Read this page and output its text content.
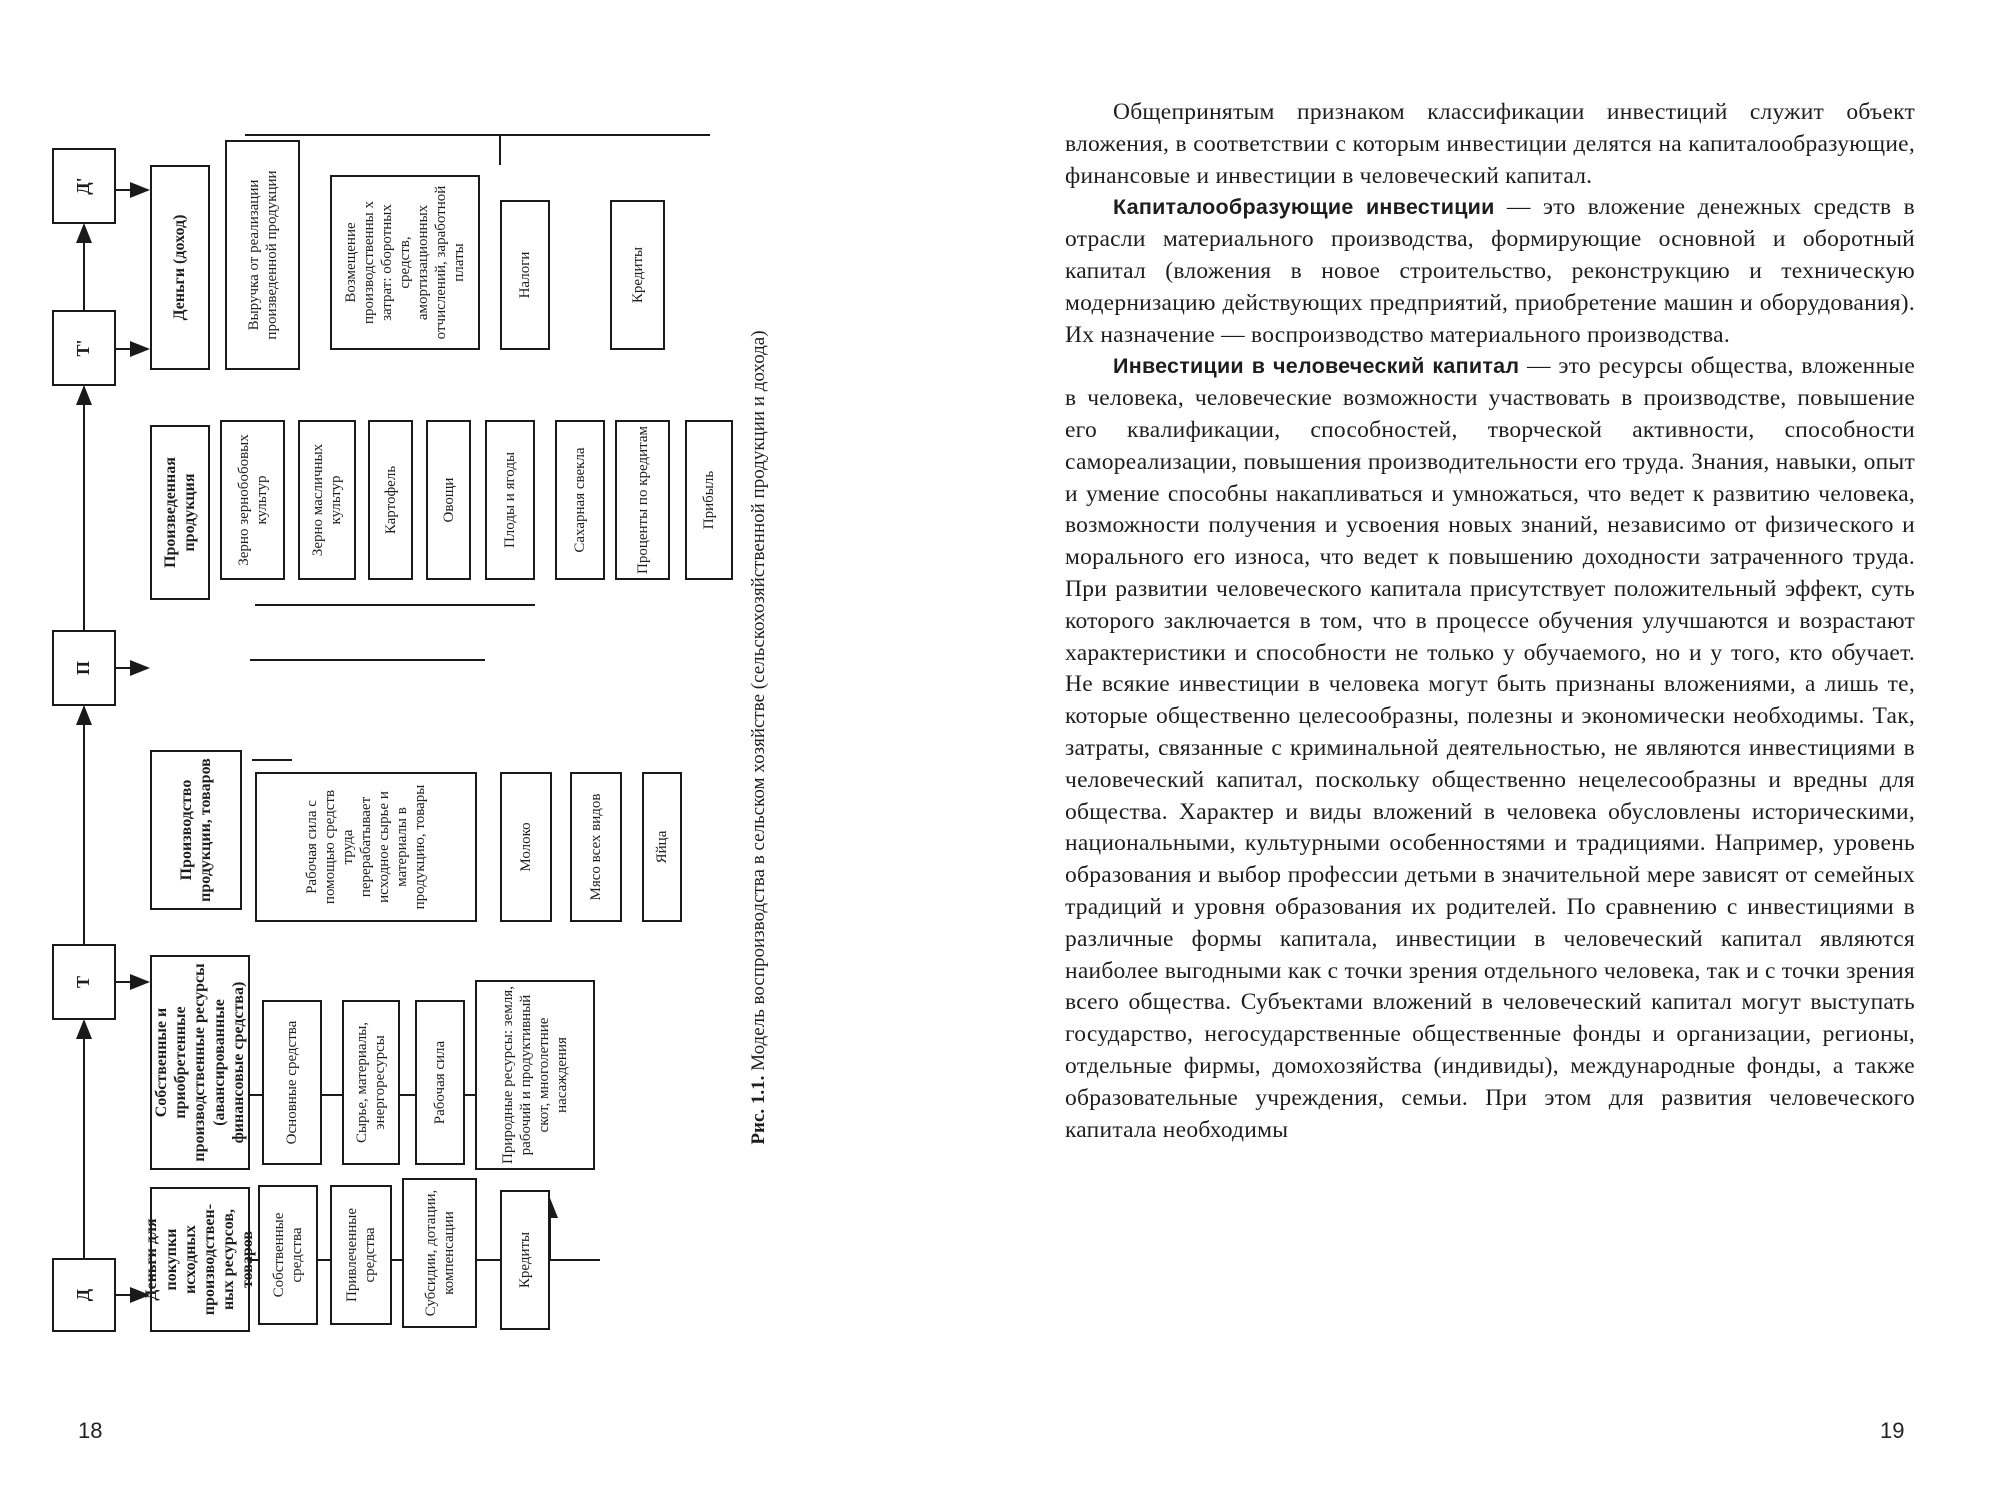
Д
Т
П
Т'
Д'
Деньги для покупки исходных производствен-ных ресурсов, товаров Собственные средства	Привлеченные средства	Субсидии, дотации, компенсации	Кредиты
Собственные и приобретенные производственные ресурсы (авансированные финансовые средства) Основные средства	Сырье, материалы, энергоресурсы	Рабочая сила	Природные ресурсы: земля, рабочий и продуктивный скот, многолетние насаждения
Производство продукции, товаров	Рабочая сила с помощью средств труда перерабатывает исходное сырье и материалы в продукцию, товары	Молоко	Мясо всех видов	Яйца
Произведенная продукция	Зерно зернобобовых культур	Зерно масличных культур	Картофель	Овощи	Плоды и ягоды	Сахарная свекла	Проценты по кредитам	Прибыль
Деньги (доход)	Выручка от реализации произведенной продукции	Возмещение производственны х затрат: оборотных средств, амортизационных отчислений, заработной платы	Налоги	Кредиты
Рис. 1.1. Модель воспроизводства в сельском хозяйстве (сельскохозяйственной продукции и дохода)
18

Общепринятым признаком классификации инвестиций служит объект вложения, в соответствии с которым инвестиции делятся на капиталообразующие, финансовые и инвестиции в человеческий капитал.

Капиталообразующие инвестиции — это вложение денежных средств в отрасли материального производства, формирующие основной и оборотный капитал (вложения в новое строительство, реконструкцию и техническую модернизацию действующих предприятий, приобретение машин и оборудования). Их назначение — воспроизводство материального производства.

Инвестиции в человеческий капитал — это ресурсы общества, вложенные в человека, человеческие возможности участвовать в производстве, повышение его квалификации, способностей, творческой активности, способности самореализации, повышения производительности его труда. Знания, навыки, опыт и умение способны накапливаться и умножаться, что ведет к развитию человека, возможности получения и усвоения новых знаний, независимо от физического и морального его износа, что ведет к повышению доходности затраченного труда. При развитии человеческого капитала присутствует положительный эффект, суть которого заключается в том, что в процессе обучения улучшаются и возрастают характеристики и способности не только у обучаемого, но и у того, кто обучает. Не всякие инвестиции в человека могут быть признаны вложениями, а лишь те, которые общественно целесообразны, полезны и экономически необходимы. Так, затраты, связанные с криминальной деятельностью, не являются инвестициями в человеческий капитал, поскольку общественно нецелесообразны и вредны для общества. Характер и виды вложений в человека обусловлены историческими, национальными, культурными особенностями и традициями. Например, уровень образования и выбор профессии детьми в значительной мере зависят от семейных традиций и уровня образования их родителей. По сравнению с инвестициями в различные формы капитала, инвестиции в человеческий капитал являются наиболее выгодными как с точки зрения отдельного человека, так и с точки зрения всего общества. Субъектами вложений в человеческий капитал могут выступать государство, негосударственные общественные фонды и организации, регионы, отдельные фирмы, домохозяйства (индивиды), международные фонды, а также образовательные учреждения, семьи. При этом для развития человеческого капитала необходимы

19
